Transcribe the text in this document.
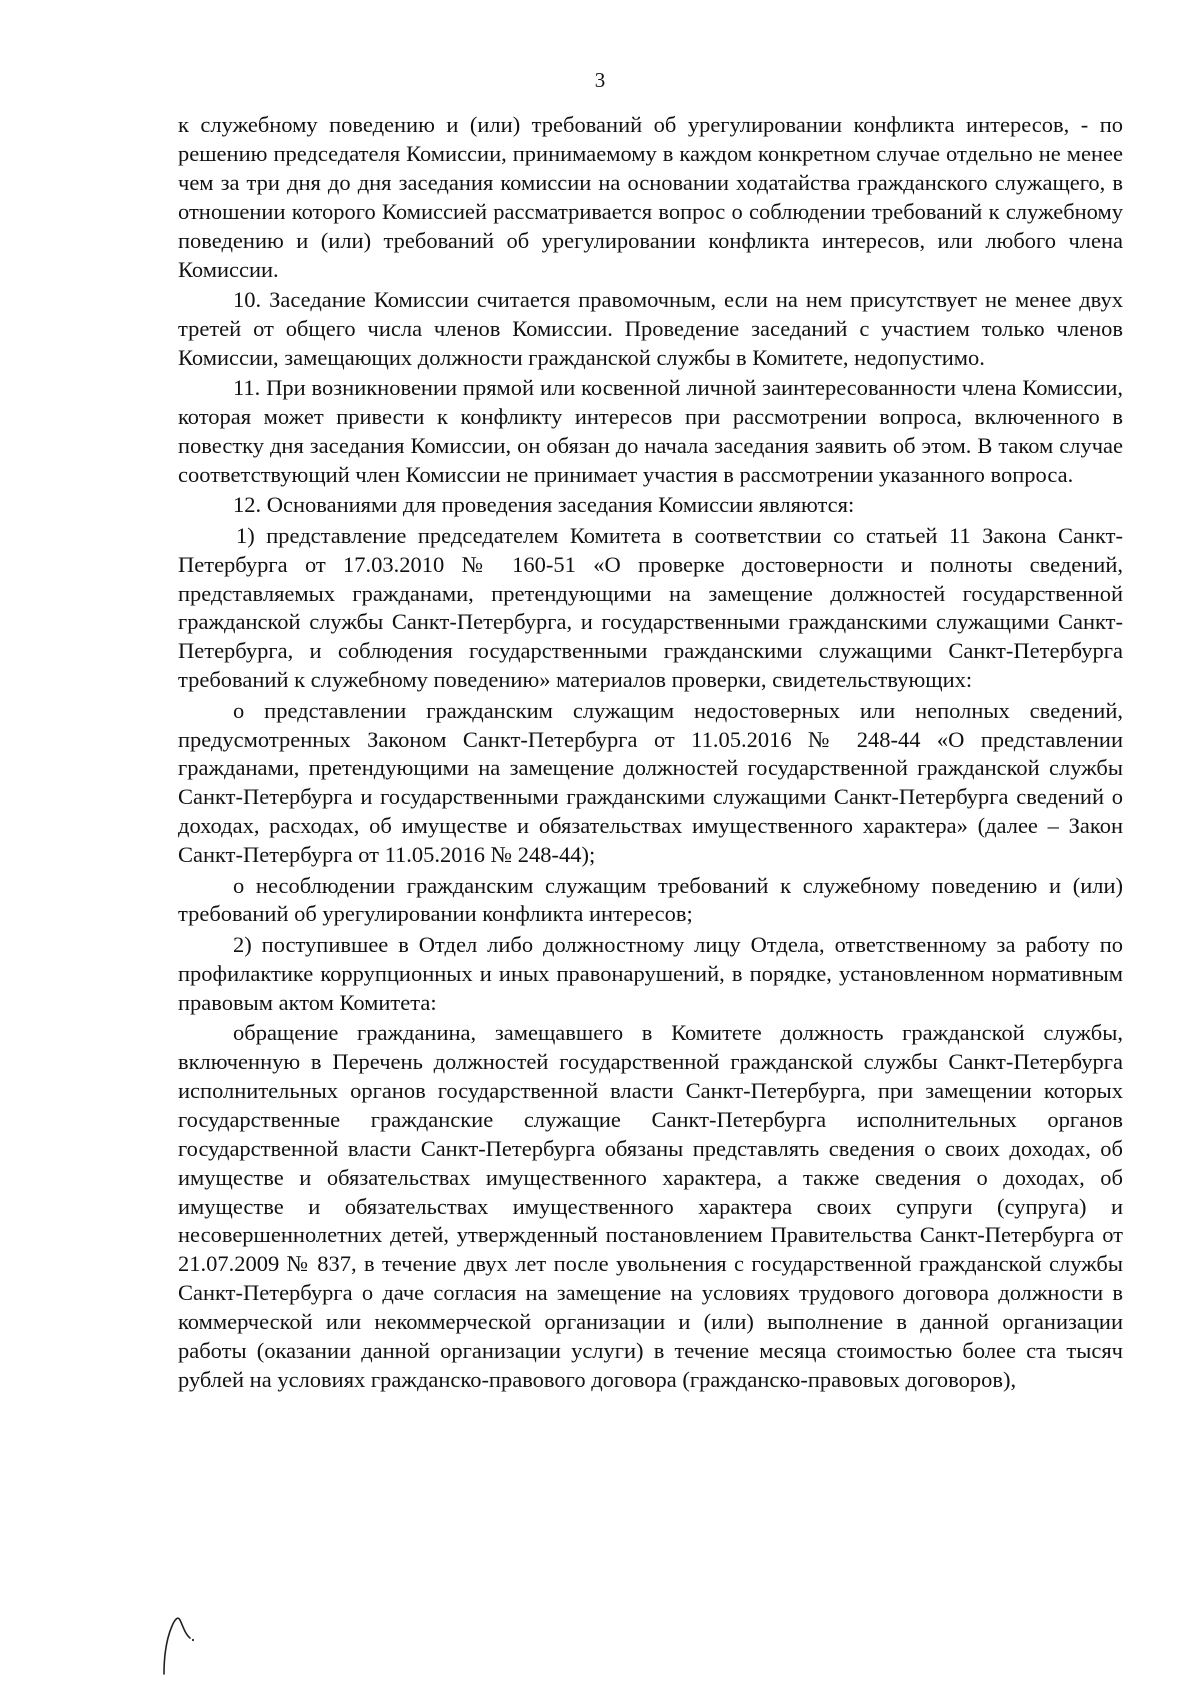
3

к служебному поведению и (или) требований об урегулировании конфликта интересов, - по решению председателя Комиссии, принимаемому в каждом конкретном случае отдельно не менее чем за три дня до дня заседания комиссии на основании ходатайства гражданского служащего, в отношении которого Комиссией рассматривается вопрос о соблюдении требований к служебному поведению и (или) требований об урегулировании конфликта интересов, или любого члена Комиссии.

10. Заседание Комиссии считается правомочным, если на нем присутствует не менее двух третей от общего числа членов Комиссии. Проведение заседаний с участием только членов Комиссии, замещающих должности гражданской службы в Комитете, недопустимо.

11. При возникновении прямой или косвенной личной заинтересованности члена Комиссии, которая может привести к конфликту интересов при рассмотрении вопроса, включенного в повестку дня заседания Комиссии, он обязан до начала заседания заявить об этом. В таком случае соответствующий член Комиссии не принимает участия в рассмотрении указанного вопроса.

12. Основаниями для проведения заседания Комиссии являются:

1) представление председателем Комитета в соответствии со статьей 11 Закона Санкт-Петербурга от 17.03.2010 № 160-51 «О проверке достоверности и полноты сведений, представляемых гражданами, претендующими на замещение должностей государственной гражданской службы Санкт-Петербурга, и государственными гражданскими служащими Санкт-Петербурга, и соблюдения государственными гражданскими служащими Санкт-Петербурга требований к служебному поведению» материалов проверки, свидетельствующих:

о представлении гражданским служащим недостоверных или неполных сведений, предусмотренных Законом Санкт-Петербурга от 11.05.2016 № 248-44 «О представлении гражданами, претендующими на замещение должностей государственной гражданской службы Санкт-Петербурга и государственными гражданскими служащими Санкт-Петербурга сведений о доходах, расходах, об имуществе и обязательствах имущественного характера» (далее – Закон Санкт-Петербурга от 11.05.2016 № 248-44);

о несоблюдении гражданским служащим требований к служебному поведению и (или) требований об урегулировании конфликта интересов;

2) поступившее в Отдел либо должностному лицу Отдела, ответственному за работу по профилактике коррупционных и иных правонарушений, в порядке, установленном нормативным правовым актом Комитета:

обращение гражданина, замещавшего в Комитете должность гражданской службы, включенную в Перечень должностей государственной гражданской службы Санкт-Петербурга исполнительных органов государственной власти Санкт-Петербурга, при замещении которых государственные гражданские служащие Санкт-Петербурга исполнительных органов государственной власти Санкт-Петербурга обязаны представлять сведения о своих доходах, об имуществе и обязательствах имущественного характера, а также сведения о доходах, об имуществе и обязательствах имущественного характера своих супруги (супруга) и несовершеннолетних детей, утвержденный постановлением Правительства Санкт-Петербурга от 21.07.2009 № 837, в течение двух лет после увольнения с государственной гражданской службы Санкт-Петербурга о даче согласия на замещение на условиях трудового договора должности в коммерческой или некоммерческой организации и (или) выполнение в данной организации работы (оказании данной организации услуги) в течение месяца стоимостью более ста тысяч рублей на условиях гражданско-правового договора (гражданско-правовых договоров),
